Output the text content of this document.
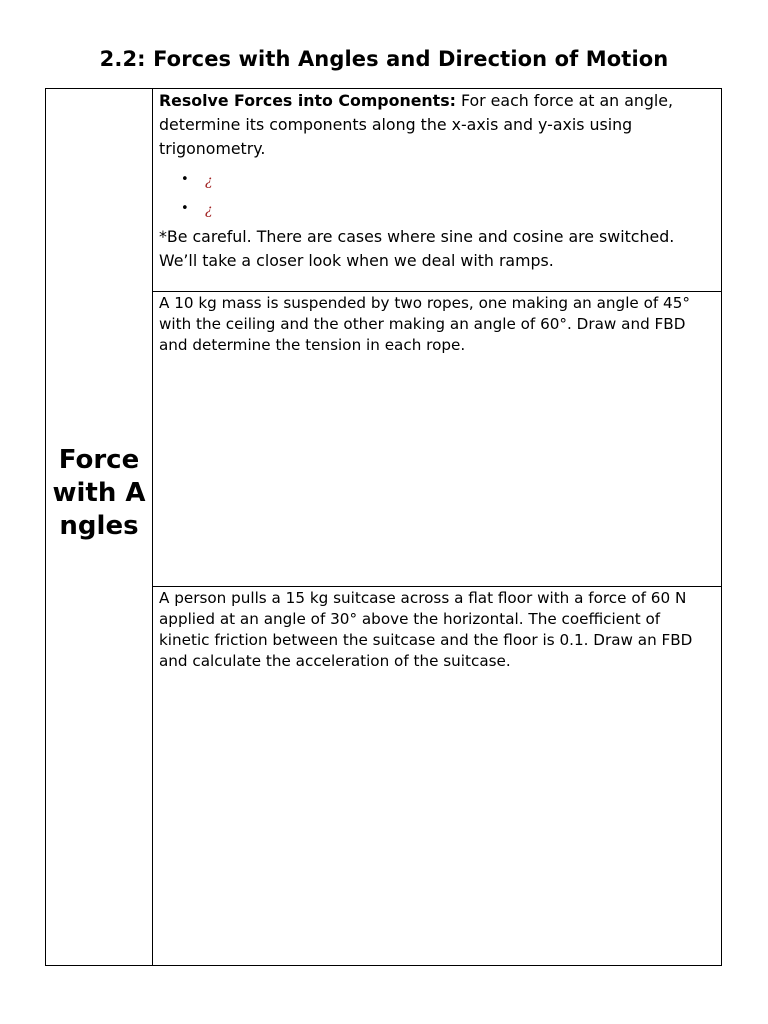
2.2: Forces with Angles and Direction of Motion
Force with Angles

Resolve Forces into Components: For each force at an angle, determine its components along the x-axis and y-axis using trigonometry.

• ¿
• ¿

*Be careful. There are cases where sine and cosine are switched. We’ll take a closer look when we deal with ramps.

A 10 kg mass is suspended by two ropes, one making an angle of 45° with the ceiling and the other making an angle of 60°. Draw and FBD and determine the tension in each rope.

A person pulls a 15 kg suitcase across a flat floor with a force of 60 N applied at an angle of 30° above the horizontal. The coefficient of kinetic friction between the suitcase and the floor is 0.1. Draw an FBD and calculate the acceleration of the suitcase.
